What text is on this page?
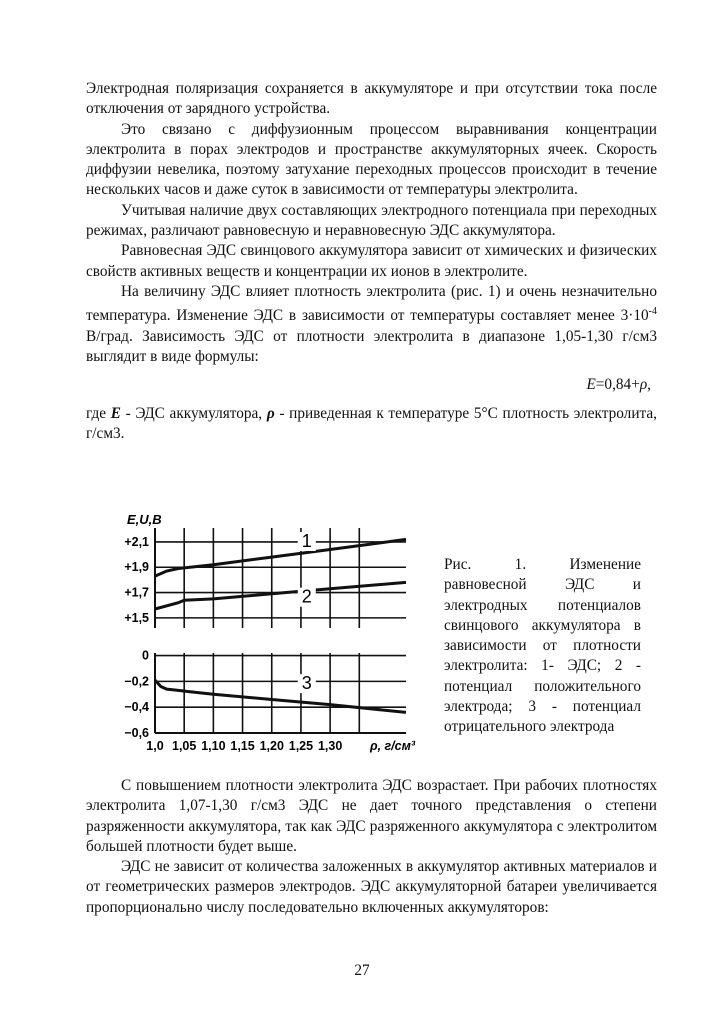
Электродная поляризация сохраняется в аккумуляторе и при отсутствии тока после отключения от зарядного устройства.

Это связано с диффузионным процессом выравнивания концентрации электролита в порах электродов и пространстве аккумуляторных ячеек. Скорость диффузии невелика, поэтому затухание переходных процессов происходит в течение нескольких часов и даже суток в зависимости от температуры электролита.

Учитывая наличие двух составляющих электродного потенциала при переходных режимах, различают равновесную и неравновесную ЭДС аккумулятора.

Равновесная ЭДС свинцового аккумулятора зависит от химических и физических свойств активных веществ и концентрации их ионов в электролите.

На величину ЭДС влияет плотность электролита (рис. 1) и очень незначительно температура. Изменение ЭДС в зависимости от температуры составляет менее $3\cdot 10^{-4}$ В/град. Зависимость ЭДС от плотности электролита в диапазоне 1,05-1,30 г/см3 выглядит в виде формулы:

E=0,84+ρ,

где E - ЭДС аккумулятора, ρ - приведенная к температуре 5°С плотность электролита, г/см3.

E,U,B
+2,1
+1,9
+1,7
+1,5
1
2
0
−0,2
−0,4
−0,6
3
1,0 1,05 1,10 1,15 1,20 1,25 1,30 ρ, г/см³
Рис. 1. Изменение равновесной ЭДС и электродных потенциалов свинцового аккумулятора в зависимости от плотности электролита: 1- ЭДС; 2 - потенциал положительного электрода; 3 - потенциал отрицательного электрода

С повышением плотности электролита ЭДС возрастает. При рабочих плотностях электролита 1,07-1,30 г/см3 ЭДС не дает точного представления о степени разряженности аккумулятора, так как ЭДС разряженного аккумулятора с электролитом большей плотности будет выше.

ЭДС не зависит от количества заложенных в аккумулятор активных материалов и от геометрических размеров электродов. ЭДС аккумуляторной батареи увеличивается пропорционально числу последовательно включенных аккумуляторов:

27
